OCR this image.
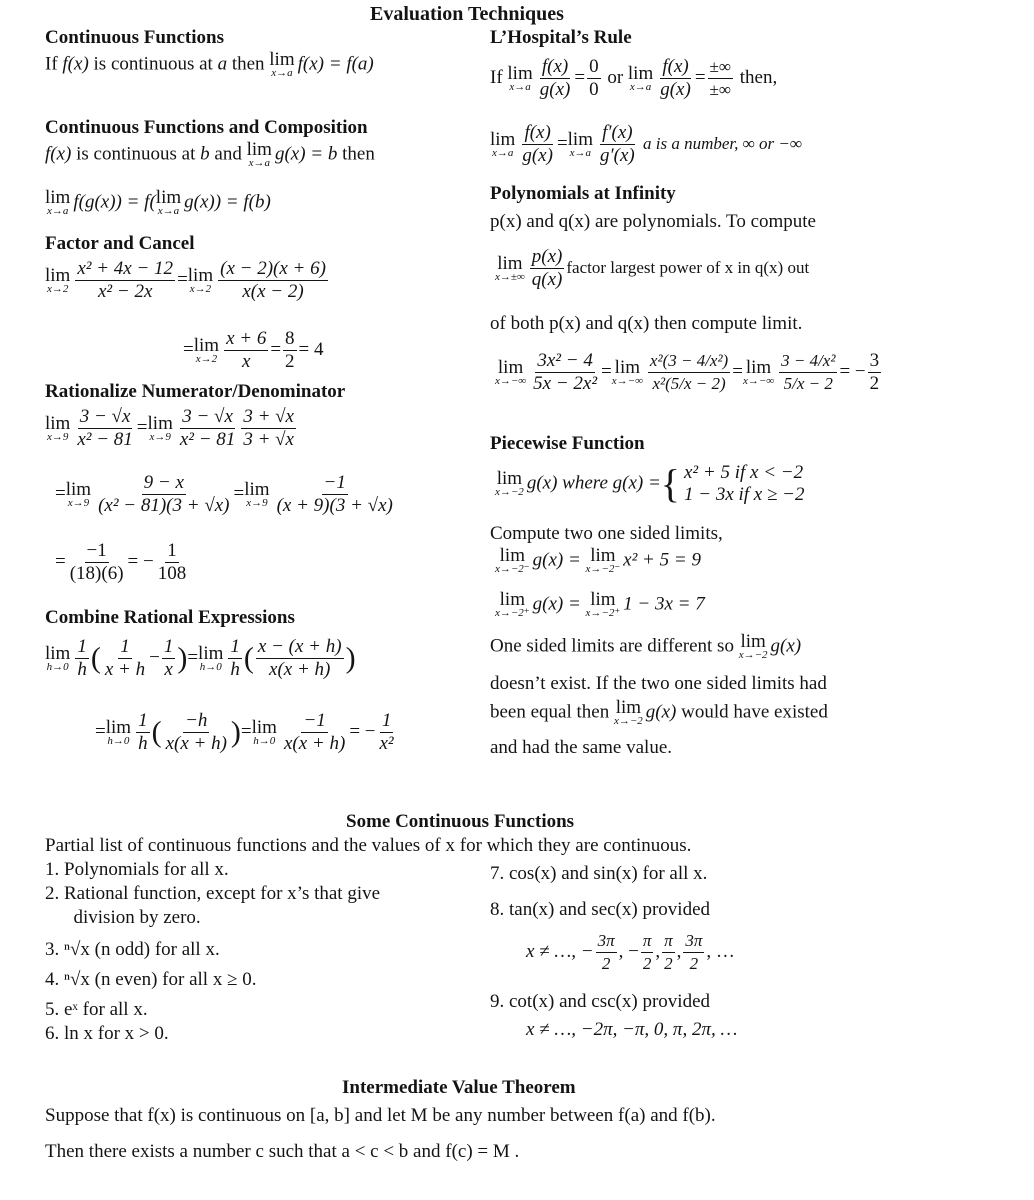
Evaluation Techniques
Continuous Functions
If f(x) is continuous at a then lim
x→a f(x) = f(a)
Continuous Functions and Composition
f(x) is continuous at b and lim
x→a g(x) = b then
lim
x→a f(g(x)) = f( lim
x→a g(x)) = f(b)
Factor and Cancel
lim
$x\to 2 \frac{\text{x² + 4x − 12}}{\text{x² − 2x}} = \lim$
$x\to 2 \frac{(x - 2)(x + 6)}{x(x - 2)}$
= lim
$x\to 2 \frac{x + 6}{x} = \frac{8}{2} = 4$
Rationalize Numerator/Denominator
lim
$x\to 9 \frac{3 - √x}{\text{x² − 81}} = \lim$
$x\to 9 \frac{3 - √x}{\text{x² − 81}} \frac{3 + √x}{3 + √x}$
= lim
$x\to 9 \frac{9 - x}{\text{(x² − 81)(3 + √x)}} = \lim$
$x\to 9 \frac{-1}{(x + 9)(3 + √x)}$
= $\frac{-1}{(18)(6)}$ = − $\frac{1}{108}$
Combine Rational Expressions
lim
$h\to 0 \frac{1}{h}$ ( $\frac{1}{x + h} - \frac{1}{x}$ )= lim
$h\to 0 \frac{1}{h}$ ( $\frac{x - (x + h)}{x(x + h)}$ )
= lim
$h\to 0 \frac{1}{h}$ ( $\frac{-h}{x(x + h)}$ )= lim
$h\to 0 \frac{-1}{x(x + h)}$ = − $\frac{1}{\text{x²}}$
L’Hospital’s Rule
If lim
$x\to a \frac{f(x)}{g(x)} = \frac{0}{0}$ or lim
$x\to a \frac{f(x)}{g(x)} = \frac{\pm\infty}{\pm\infty}$ then,
lim
$x\to a \frac{f(x)}{g(x)} = \lim$
$x\to a \frac{f'(x)}{g'(x)}$ a is a number, ∞ or −∞
Polynomials at Infinity
p(x) and q(x) are polynomials. To compute
lim
$x\to\pm\infty \frac{p(x)}{q(x)}$ factor largest power of x in q(x) out
of both p(x) and q(x) then compute limit.
lim
$x\to-\infty \frac{\text{3x² − 4}}{\text{5x − 2x²}} = \lim$
$x\to-\infty \frac{\text{x²(3 − 4/x²)}}{\text{x²(5/x − 2)}} = \lim$
$x\to-\infty \frac{\text{3 − 4/x²}}{5/x - 2}$ = − $\frac{3}{2}$
Piecewise Function
lim
x→−2 g(x) where g(x) ={ x² + 5 if x < −2
1 − 3x if x ≥ −2
Compute two one sided limits,
lim
x→−2⁻ g(x) = lim
x→−2⁻ x² + 5 = 9
lim
x→−2⁺ g(x) = lim
x→−2⁺ 1 − 3x = 7
One sided limits are different so lim
x→−2 g(x)
doesn’t exist. If the two one sided limits had
been equal then lim
x→−2 g(x) would have existed
and had the same value.
Some Continuous Functions
Partial list of continuous functions and the values of x for which they are continuous.
1. Polynomials for all x.
2. Rational function, except for x’s that give
division by zero.
3. ⁿ√x (n odd) for all x.
4. ⁿ√x (n even) for all x ≥ 0.
5. eˣ for all x.
6. ln x for x > 0.
7. cos(x) and sin(x) for all x.
8. tan(x) and sec(x) provided
x ≠ …, − $\frac{3\pi}{2}$ , − $\frac{\pi}{2}$ , $\frac{\pi}{2}$ , $\frac{3\pi}{2}$ , …
9. cot(x) and csc(x) provided
x ≠ …, −2π, −π, 0, π, 2π, …
Intermediate Value Theorem
Suppose that f(x) is continuous on [a, b] and let M be any number between f(a) and f(b).
Then there exists a number c such that a < c < b and f(c) = M .
